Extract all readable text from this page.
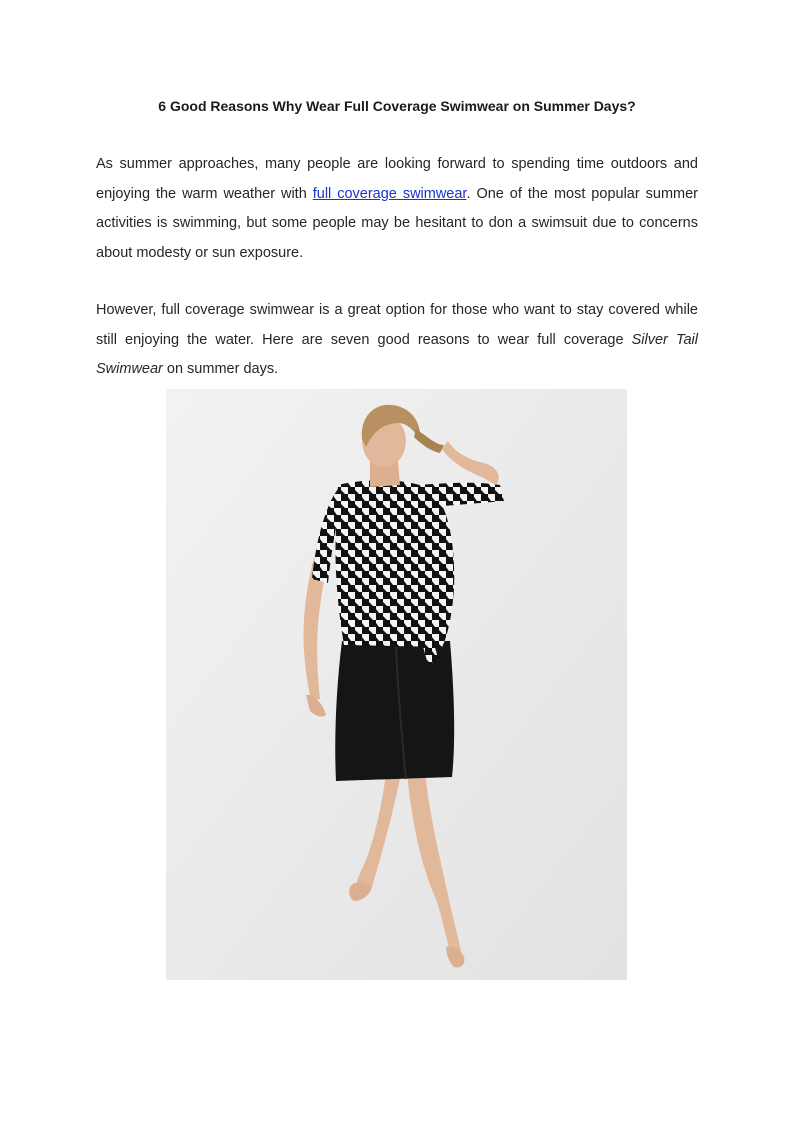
6 Good Reasons Why Wear Full Coverage Swimwear on Summer Days?

As summer approaches, many people are looking forward to spending time outdoors and enjoying the warm weather with full coverage swimwear. One of the most popular summer activities is swimming, but some people may be hesitant to don a swimsuit due to concerns about modesty or sun exposure.

However, full coverage swimwear is a great option for those who want to stay covered while still enjoying the water. Here are seven good reasons to wear full coverage Silver Tail Swimwear on summer days.
